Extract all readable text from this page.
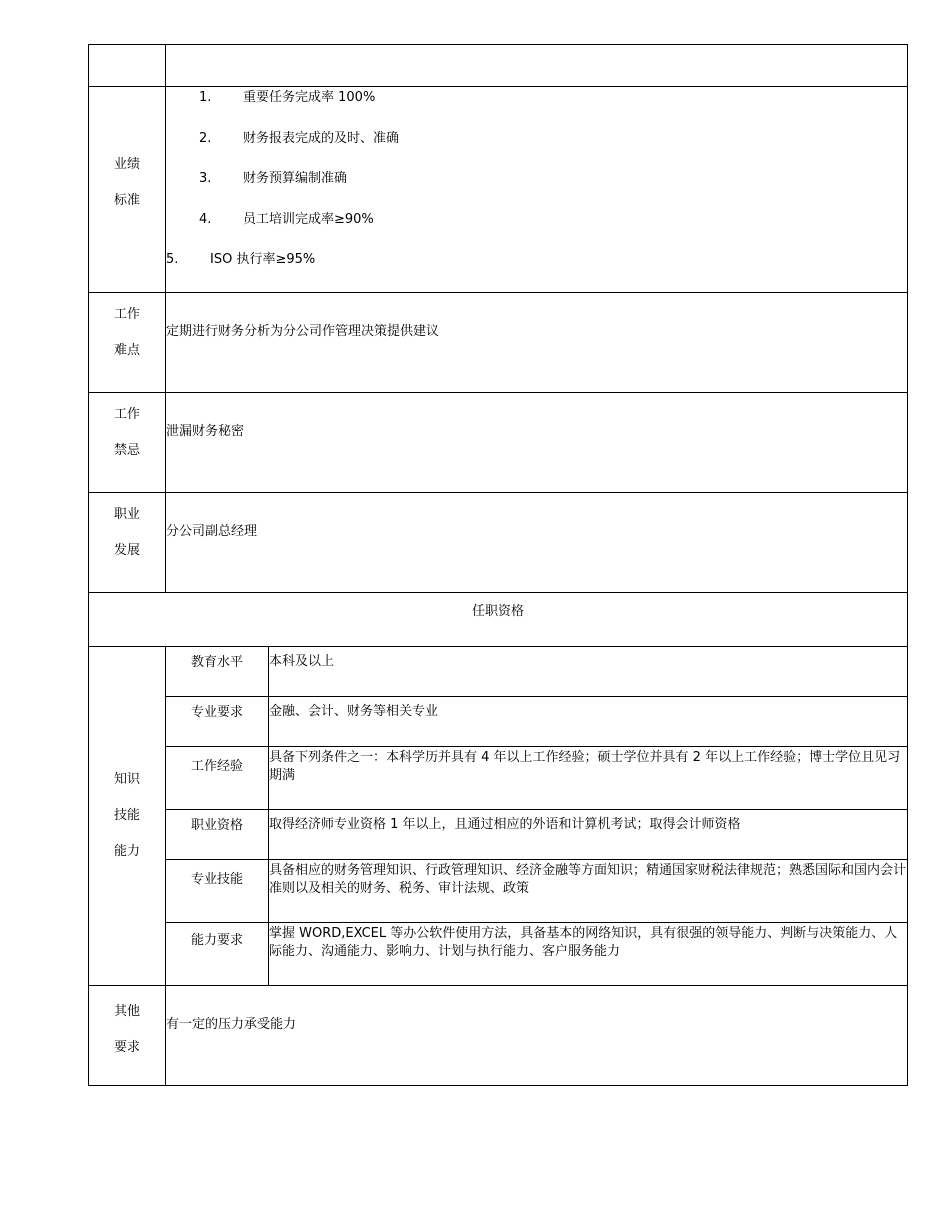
业绩
标准	1. 重要任务完成率 100%
2. 财务报表完成的及时、准确
3. 财务预算编制准确
4. 员工培训完成率≥90%
5. ISO 执行率≥95%	

工作
难点	定期进行财务分析为分公司作管理决策提供建议	

工作
禁忌	泄漏财务秘密	

职业
发展	分公司副总经理	

任职资格		

知识
技能
能力	教育水平	本科及以上
	专业要求	金融、会计、财务等相关专业
	工作经验	具备下列条件之一：本科学历并具有 4 年以上工作经验；硕士学位并具有 2 年以上工作经验；博士学位且见习期满
	职业资格	取得经济师专业资格 1 年以上，且通过相应的外语和计算机考试；取得会计师资格
	专业技能	具备相应的财务管理知识、行政管理知识、经济金融等方面知识；精通国家财税法律规范；熟悉国际和国内会计准则以及相关的财务、税务、审计法规、政策
	能力要求	掌握 WORD,EXCEL 等办公软件使用方法，具备基本的网络知识，具有很强的领导能力、判断与决策能力、人际能力、沟通能力、影响力、计划与执行能力、客户服务能力

其他
要求	有一定的压力承受能力	
